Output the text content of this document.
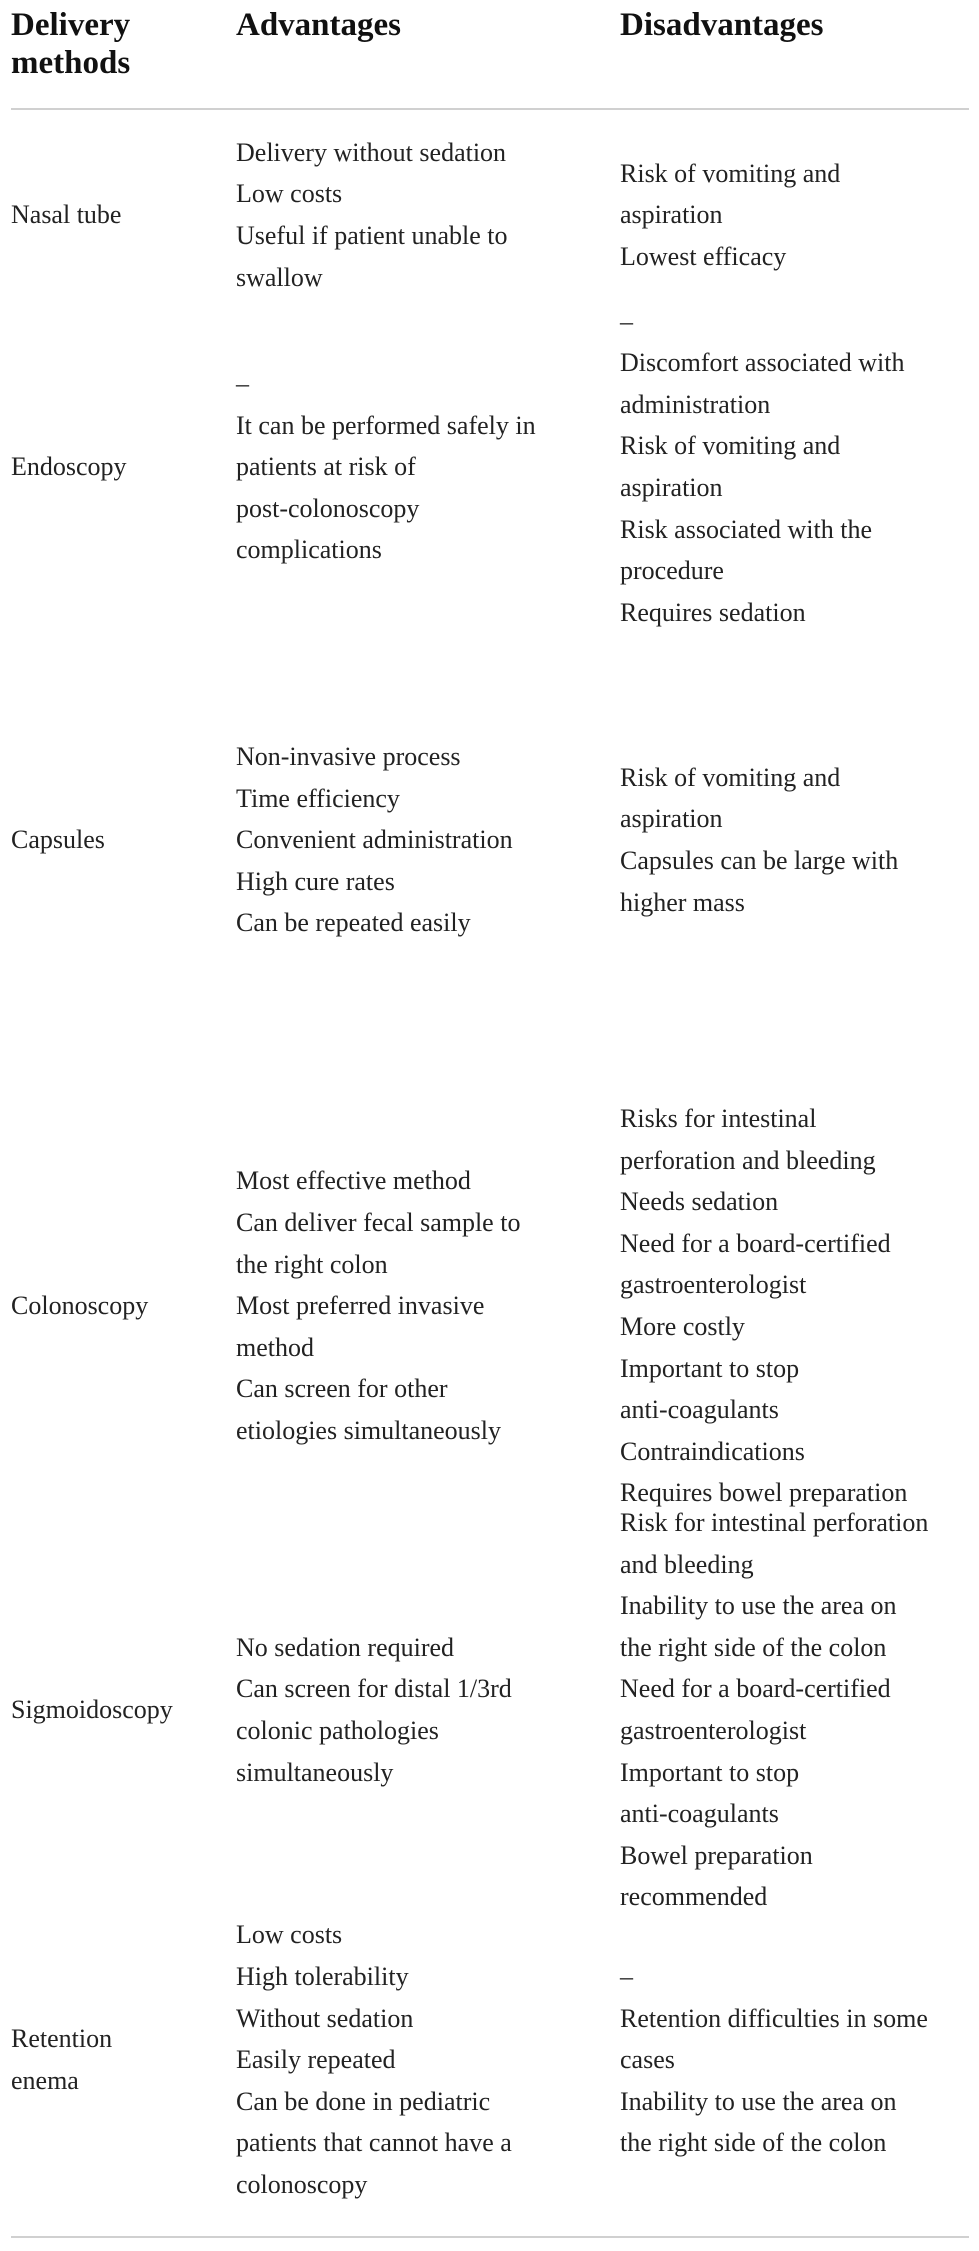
Delivery
methods
Advantages	Disadvantages
Nasal tube
Delivery without sedation
Low costs
Useful if patient unable to
swallow
Risk of vomiting and
aspiration
Lowest efficacy
Endoscopy
–
It can be performed safely in
patients at risk of
post-colonoscopy
complications
–
Discomfort associated with
administration
Risk of vomiting and
aspiration
Risk associated with the
procedure
Requires sedation
Capsules
Non-invasive process
Time efficiency
Convenient administration
High cure rates
Can be repeated easily
Risk of vomiting and
aspiration
Capsules can be large with
higher mass
Colonoscopy
Most effective method
Can deliver fecal sample to
the right colon
Most preferred invasive
method
Can screen for other
etiologies simultaneously
Risks for intestinal
perforation and bleeding
Needs sedation
Need for a board-certified
gastroenterologist
More costly
Important to stop
anti-coagulants
Contraindications
Requires bowel preparation
Sigmoidoscopy
No sedation required
Can screen for distal 1/3rd
colonic pathologies
simultaneously
Risk for intestinal perforation
and bleeding
Inability to use the area on
the right side of the colon
Need for a board-certified
gastroenterologist
Important to stop
anti-coagulants
Bowel preparation
recommended
Retention
enema
Low costs
High tolerability
Without sedation
Easily repeated
Can be done in pediatric
patients that cannot have a
colonoscopy
–
Retention difficulties in some
cases
Inability to use the area on
the right side of the colon
